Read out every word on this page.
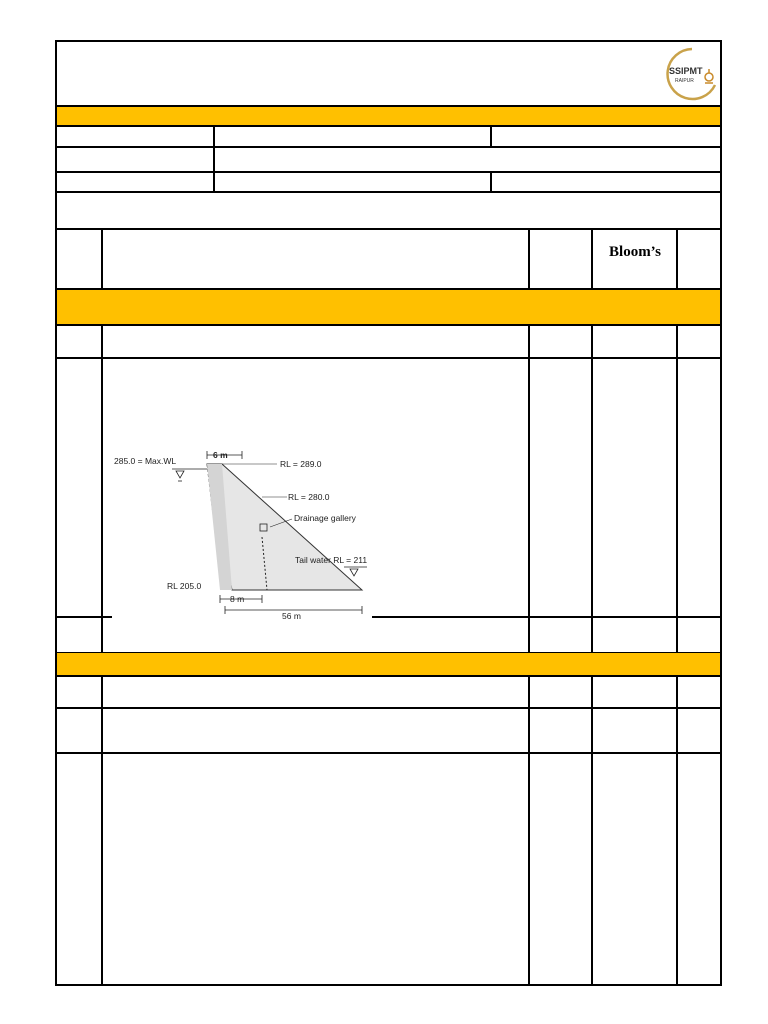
SSIPMT
RAIPUR
Bloom’s
285.0 = Max.WL
6 m
RL = 289.0
RL = 280.0
Drainage gallery
Tail water RL = 211
RL 205.0
8 m
56 m
